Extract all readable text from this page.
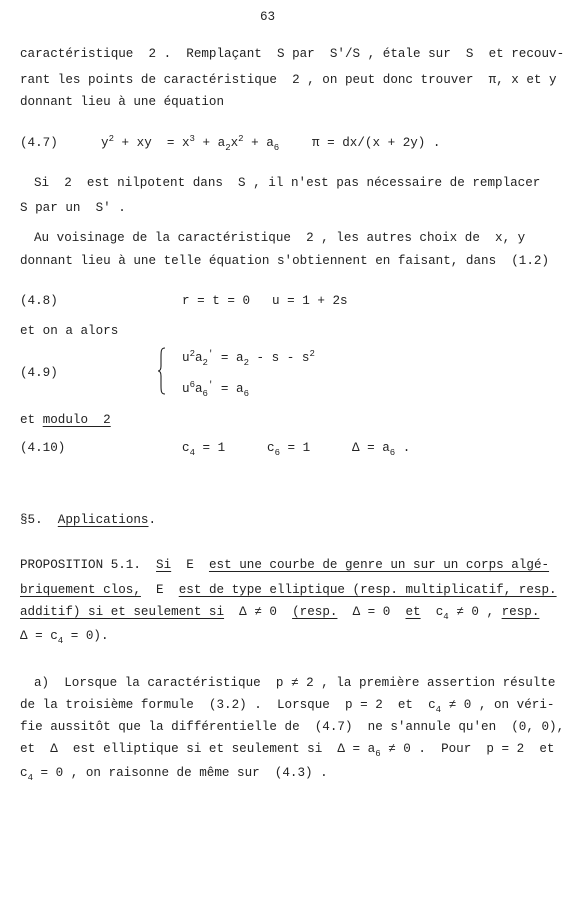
63
caractéristique  2 .  Remplaçant  S par  S'/S , étale sur  S  et recouv-
rant les points de caractéristique  2 , on peut donc trouver  π, x et y
donnant lieu à une équation
(4.7)	$y^2$ + xy  = $x^3 + a_2x^2 + a_6$	π = dx/(x + 2y) .
Si  2  est nilpotent dans  S , il n'est pas nécessaire de remplacer
S par un  S' .
Au voisinage de la caractéristique  2 , les autres choix de  x, y
donnant lieu à une telle équation s'obtiennent en faisant, dans  (1.2)
(4.8)	r = t = 0 u = 1 + 2s
et on a alors
(4.9)
$u^2a_2' = a_2 - s - s^2$
$u^6a_6' = a_6$
et modulo  2
(4.10)	$c_4 = 1$	$c_6 = 1$	$\Delta = a_6$ .
§5.  Applications.
PROPOSITION 5.1.  Si  E  est une courbe de genre un sur un corps algé-
briquement clos,  E  est de type elliptique (resp. multiplicatif, resp.
additif) si et seulement si  Δ ≠ 0  (resp.  Δ = 0  et  $c_4 \ne 0$ , resp.
$\Delta = c_4 = 0$).
a)  Lorsque la caractéristique  p ≠ 2 , la première assertion résulte
de la troisième formule  (3.2) .  Lorsque  p = 2  et  $c_4 \ne 0$ , on véri-
fie aussitôt que la différentielle de  (4.7)  ne s'annule qu'en  (0, 0),
et  Δ  est elliptique si et seulement si  $\Delta = a_6 \ne 0$ .  Pour  p = 2  et
$c_4 = 0$ , on raisonne de même sur  (4.3) .
